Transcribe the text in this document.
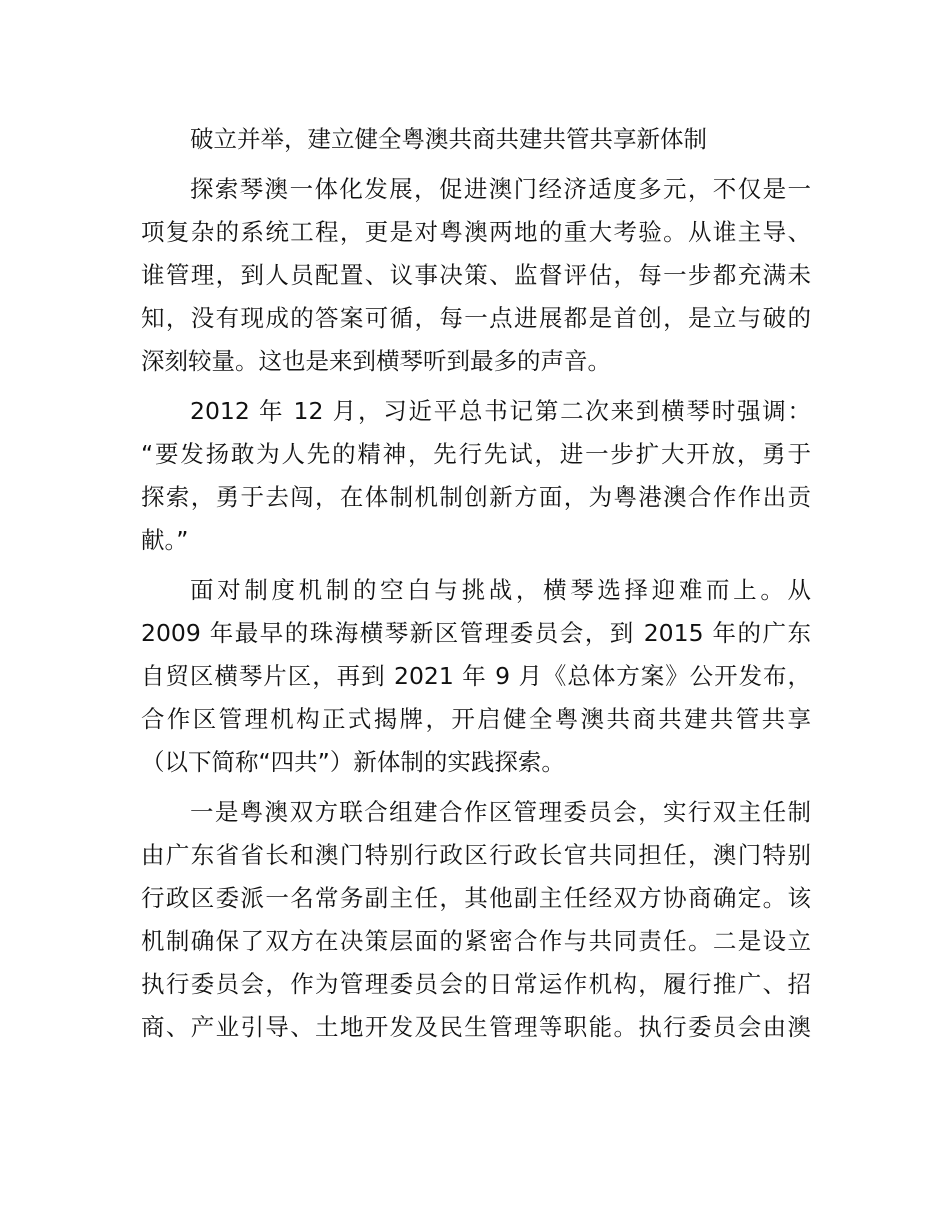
破立并举，建立健全粤澳共商共建共管共享新体制
探索琴澳一体化发展，促进澳门经济适度多元，不仅是一
项复杂的系统工程，更是对粤澳两地的重大考验。从谁主导、
谁管理，到人员配置、议事决策、监督评估，每一步都充满未
知，没有现成的答案可循，每一点进展都是首创，是立与破的
深刻较量。这也是来到横琴听到最多的声音。
2012 年 12 月，习近平总书记第二次来到横琴时强调：
“要发扬敢为人先的精神，先行先试，进一步扩大开放，勇于
探索，勇于去闯，在体制机制创新方面，为粤港澳合作作出贡
献。”
面对制度机制的空白与挑战，横琴选择迎难而上。从
2009 年最早的珠海横琴新区管理委员会，到 2015 年的广东
自贸区横琴片区，再到 2021 年 9 月《总体方案》公开发布，
合作区管理机构正式揭牌，开启健全粤澳共商共建共管共享
（以下简称“四共”）新体制的实践探索。
一是粤澳双方联合组建合作区管理委员会，实行双主任制
由广东省省长和澳门特别行政区行政长官共同担任，澳门特别
行政区委派一名常务副主任，其他副主任经双方协商确定。该
机制确保了双方在决策层面的紧密合作与共同责任。二是设立
执行委员会，作为管理委员会的日常运作机构，履行推广、招
商、产业引导、土地开发及民生管理等职能。执行委员会由澳
